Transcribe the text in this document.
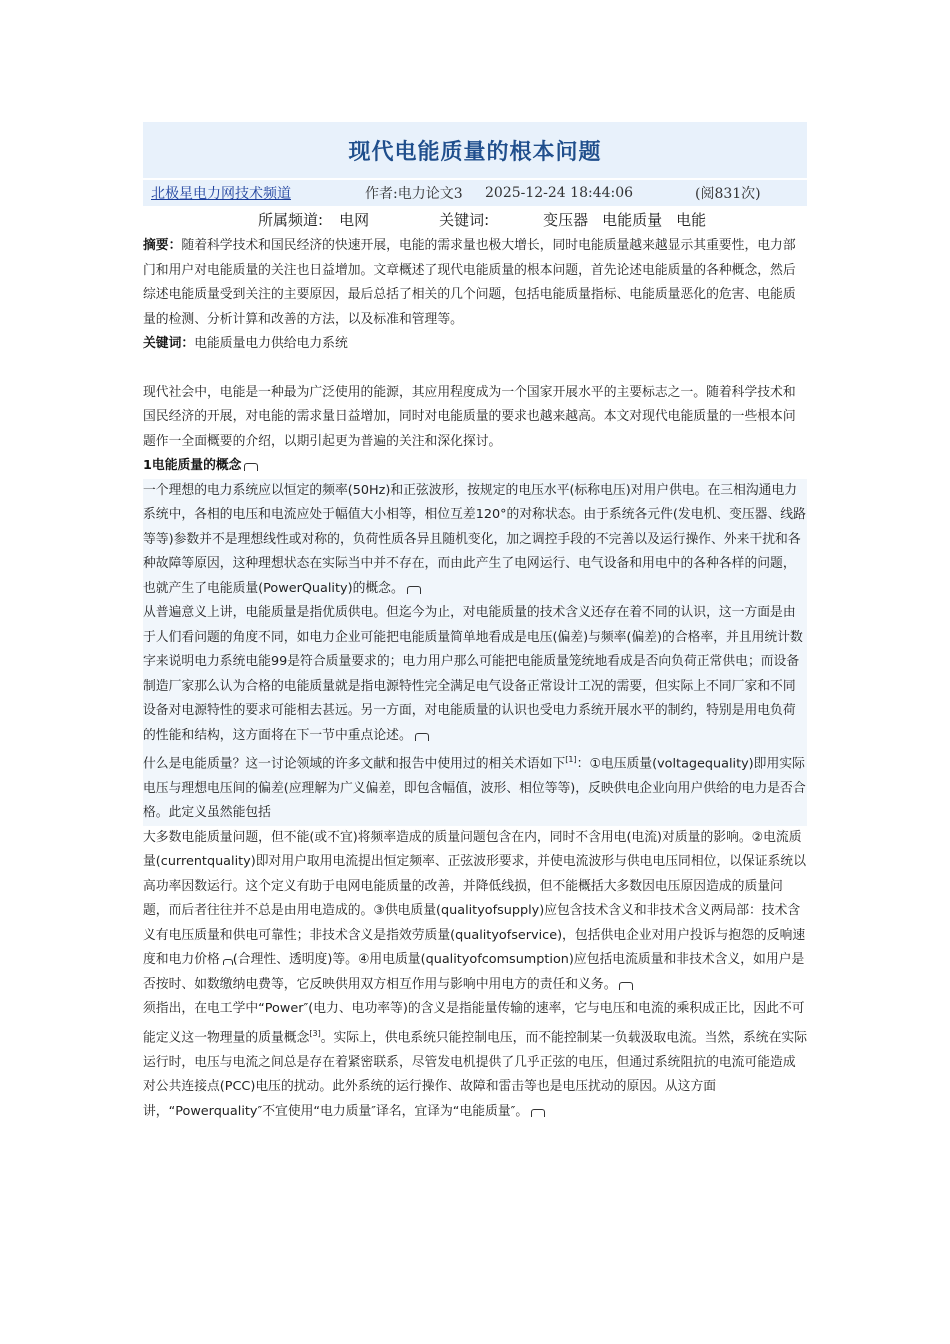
现代电能质量的根本问题
北极星电力网技术频道	作者:电力论文3	2025-12-24 18:44:06	(阅831次)
所属频道: 电网	关键词:	变压器 电能质量 电能

摘要：随着科学技术和国民经济的快速开展，电能的需求量也极大增长，同时电能质量越来越显示其重要性，电力部门和用户对电能质量的关注也日益增加。文章概述了现代电能质量的根本问题，首先论述电能质量的各种概念，然后综述电能质量受到关注的主要原因，最后总括了相关的几个问题，包括电能质量指标、电能质量恶化的危害、电能质量的检测、分析计算和改善的方法，以及标准和管理等。

关键词：电能质量电力供给电力系统

现代社会中，电能是一种最为广泛使用的能源，其应用程度成为一个国家开展水平的主要标志之一。随着科学技术和国民经济的开展，对电能的需求量日益增加，同时对电能质量的要求也越来越高。本文对现代电能质量的一些根本问题作一全面概要的介绍，以期引起更为普遍的关注和深化探讨。

1电能质量的概念

一个理想的电力系统应以恒定的频率(50Hz)和正弦波形，按规定的电压水平(标称电压)对用户供电。在三相沟通电力系统中，各相的电压和电流应处于幅值大小相等，相位互差120°的对称状态。由于系统各元件(发电机、变压器、线路等等)参数并不是理想线性或对称的，负荷性质各异且随机变化，加之调控手段的不完善以及运行操作、外来干扰和各种故障等原因，这种理想状态在实际当中并不存在，而由此产生了电网运行、电气设备和用电中的各种各样的问题，也就产生了电能质量(PowerQuality)的概念。

从普遍意义上讲，电能质量是指优质供电。但迄今为止，对电能质量的技术含义还存在着不同的认识，这一方面是由于人们看问题的角度不同，如电力企业可能把电能质量简单地看成是电压(偏差)与频率(偏差)的合格率，并且用统计数字来说明电力系统电能99是符合质量要求的；电力用户那么可能把电能质量笼统地看成是否向负荷正常供电；而设备制造厂家那么认为合格的电能质量就是指电源特性完全满足电气设备正常设计工况的需要，但实际上不同厂家和不同设备对电源特性的要求可能相去甚远。另一方面，对电能质量的认识也受电力系统开展水平的制约，特别是用电负荷的性能和结构，这方面将在下一节中重点论述。

什么是电能质量？这一讨论领域的许多文献和报告中使用过的相关术语如下[1]：①电压质量(voltagequality)即用实际电压与理想电压间的偏差(应理解为广义偏差，即包含幅值，波形、相位等等)，反映供电企业向用户供给的电力是否合格。此定义虽然能包括

大多数电能质量问题，但不能(或不宜)将频率造成的质量问题包含在内，同时不含用电(电流)对质量的影响。②电流质量(currentquality)即对用户取用电流提出恒定频率、正弦波形要求，并使电流波形与供电电压同相位，以保证系统以高功率因数运行。这个定义有助于电网电能质量的改善，并降低线损，但不能概括大多数因电压原因造成的质量问题，而后者往往并不总是由用电造成的。③供电质量(qualityofsupply)应包含技术含义和非技术含义两局部：技术含义有电压质量和供电可靠性；非技术含义是指效劳质量(qualityofservice)，包括供电企业对用户投诉与抱怨的反响速度和电力价格 (合理性、透明度)等。④用电质量(qualityofcomsumption)应包括电流质量和非技术含义，如用户是否按时、如数缴纳电费等，它反映供用双方相互作用与影响中用电方的责任和义务。

须指出，在电工学中“Power″(电力、电功率等)的含义是指能量传输的速率，它与电压和电流的乘积成正比，因此不可能定义这一物理量的质量概念[3]。实际上，供电系统只能控制电压，而不能控制某一负载汲取电流。当然，系统在实际运行时，电压与电流之间总是存在着紧密联系，尽管发电机提供了几乎正弦的电压，但通过系统阻抗的电流可能造成对公共连接点(PCC)电压的扰动。此外系统的运行操作、故障和雷击等也是电压扰动的原因。从这方面讲，“Powerquality″不宜使用“电力质量″译名，宜译为“电能质量″。
